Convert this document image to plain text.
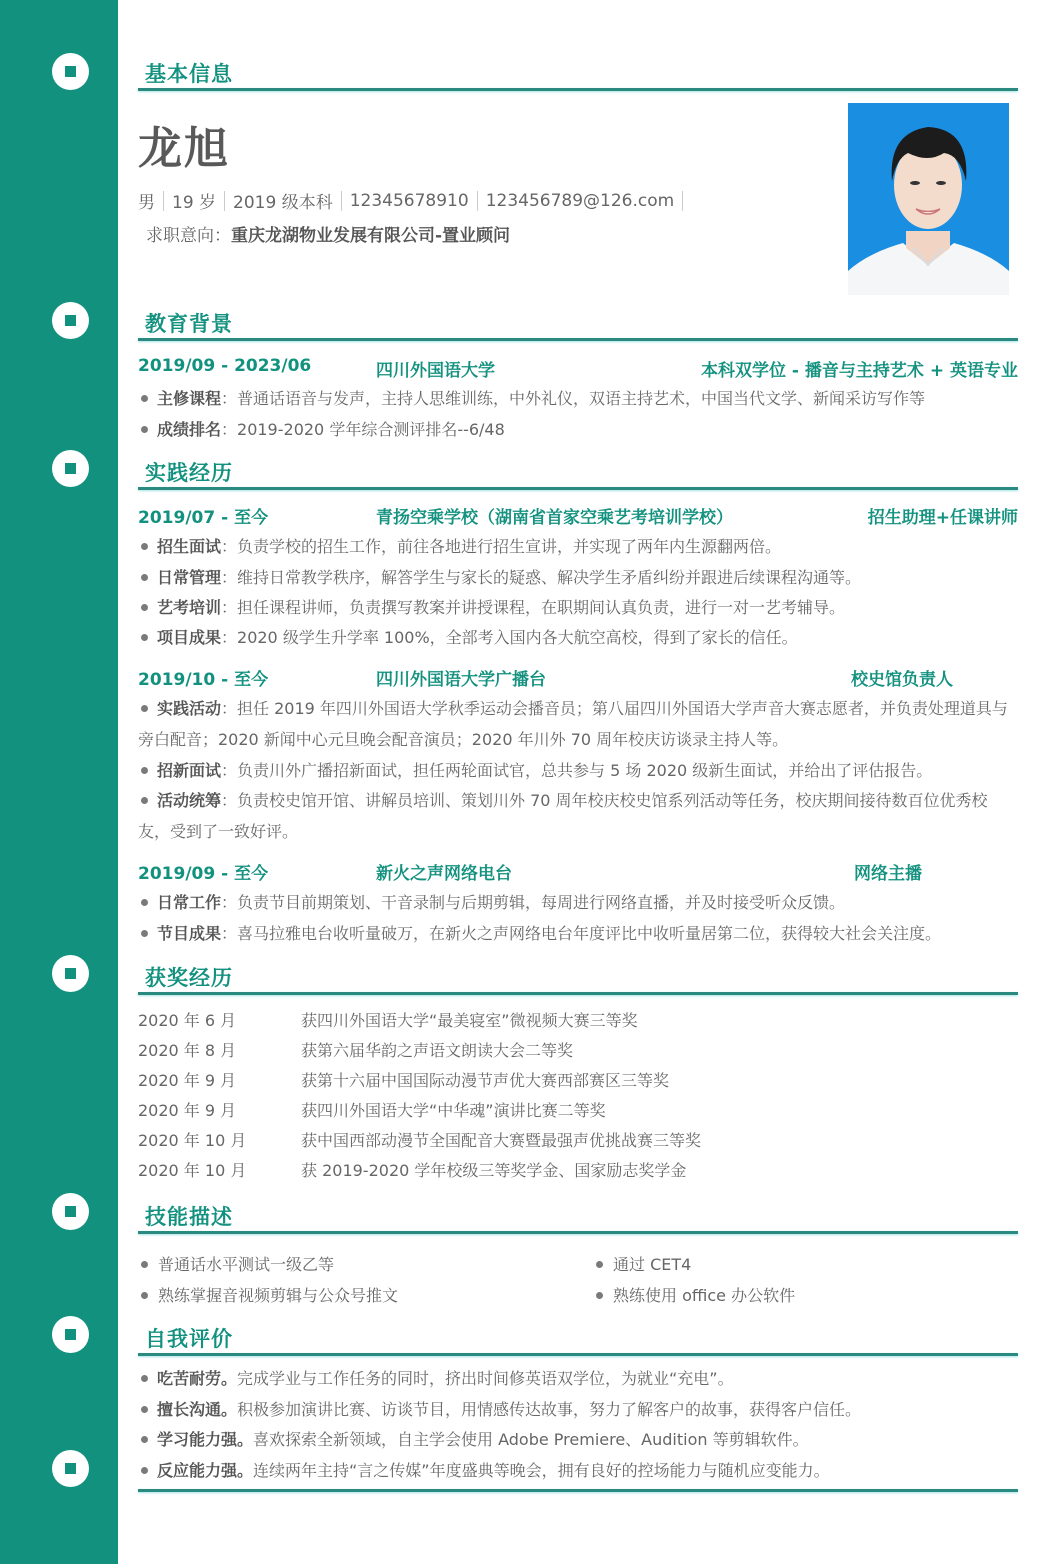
基本信息
龙旭
男 19 岁 2019 级本科 12345678910 123456789@126.com
求职意向：重庆龙湖物业发展有限公司-置业顾问
教育背景
2019/09 - 2023/06	四川外国语大学	本科双学位 - 播音与主持艺术 + 英语专业
主修课程：普通话语音与发声，主持人思维训练，中外礼仪，双语主持艺术，中国当代文学、新闻采访写作等
成绩排名：2019-2020 学年综合测评排名--6/48
实践经历
2019/07 - 至今	青扬空乘学校（湖南省首家空乘艺考培训学校）	招生助理+任课讲师
招生面试：负责学校的招生工作，前往各地进行招生宣讲，并实现了两年内生源翻两倍。
日常管理：维持日常教学秩序，解答学生与家长的疑惑、解决学生矛盾纠纷并跟进后续课程沟通等。
艺考培训：担任课程讲师，负责撰写教案并讲授课程，在职期间认真负责，进行一对一艺考辅导。
项目成果：2020 级学生升学率 100%，全部考入国内各大航空高校，得到了家长的信任。
2019/10 - 至今	四川外国语大学广播台	校史馆负责人
实践活动：担任 2019 年四川外国语大学秋季运动会播音员；第八届四川外国语大学声音大赛志愿者，并负责处理道具与旁白配音；2020 新闻中心元旦晚会配音演员；2020 年川外 70 周年校庆访谈录主持人等。
招新面试：负责川外广播招新面试，担任两轮面试官，总共参与 5 场 2020 级新生面试，并给出了评估报告。
活动统筹：负责校史馆开馆、讲解员培训、策划川外 70 周年校庆校史馆系列活动等任务，校庆期间接待数百位优秀校友，受到了一致好评。
2019/09 - 至今	新火之声网络电台	网络主播
日常工作：负责节目前期策划、干音录制与后期剪辑，每周进行网络直播，并及时接受听众反馈。
节目成果：喜马拉雅电台收听量破万，在新火之声网络电台年度评比中收听量居第二位，获得较大社会关注度。
获奖经历
2020 年 6 月	获四川外国语大学“最美寝室”微视频大赛三等奖
2020 年 8 月	获第六届华韵之声语文朗读大会二等奖
2020 年 9 月	获第十六届中国国际动漫节声优大赛西部赛区三等奖
2020 年 9 月	获四川外国语大学“中华魂”演讲比赛二等奖
2020 年 10 月	获中国西部动漫节全国配音大赛暨最强声优挑战赛三等奖
2020 年 10 月	获 2019-2020 学年校级三等奖学金、国家励志奖学金
技能描述
普通话水平测试一级乙等	通过 CET4
熟练掌握音视频剪辑与公众号推文	熟练使用 office 办公软件
自我评价
吃苦耐劳。完成学业与工作任务的同时，挤出时间修英语双学位，为就业“充电”。
擅长沟通。积极参加演讲比赛、访谈节目，用情感传达故事，努力了解客户的故事，获得客户信任。
学习能力强。喜欢探索全新领域，自主学会使用 Adobe Premiere、Audition 等剪辑软件。
反应能力强。连续两年主持“言之传媒”年度盛典等晚会，拥有良好的控场能力与随机应变能力。
